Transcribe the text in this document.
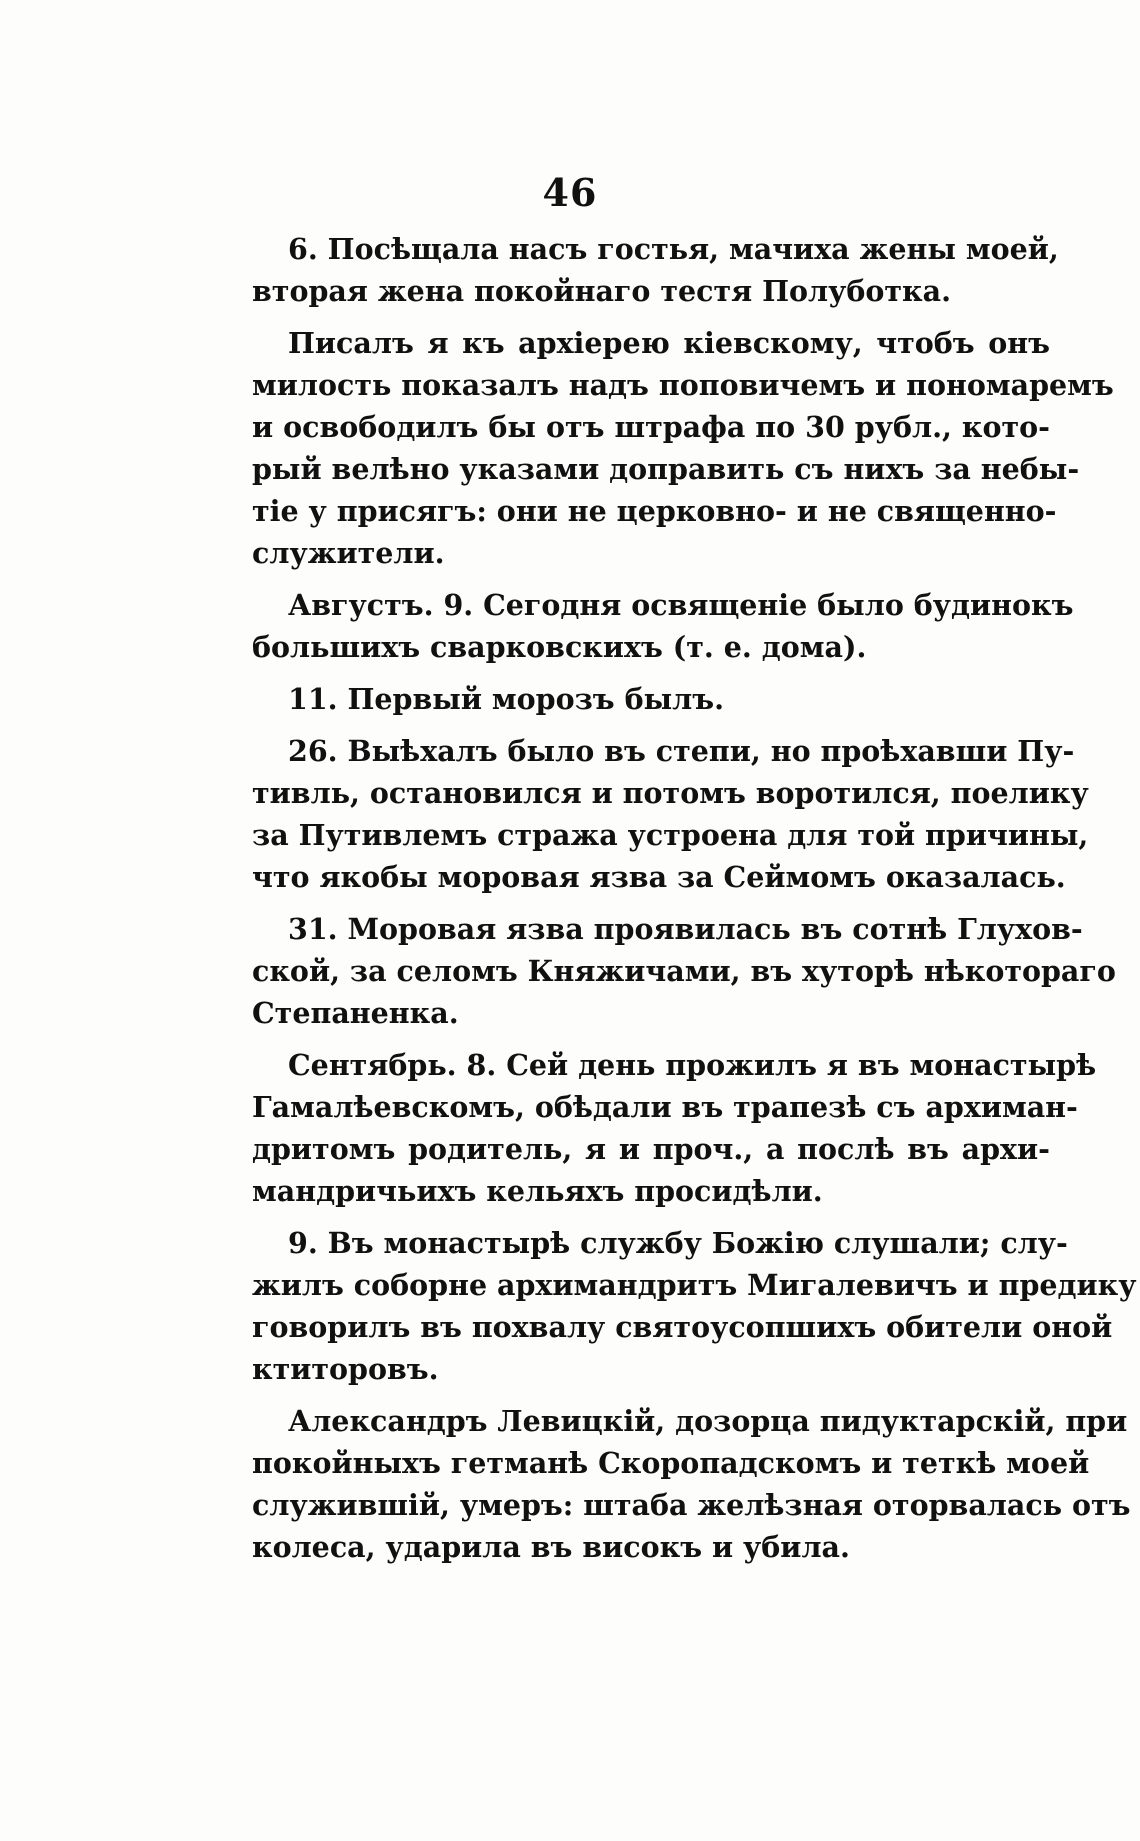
46
6. Посѣщала насъ гостья, мачиха жены моей,
вторая жена покойнаго тестя Полуботка.
Писалъ я къ архiерею кiевскому, чтобъ онъ
милость показалъ надъ поповичемъ и пономаремъ
и освободилъ бы отъ штрафа по 30 рубл., кото-
рый велѣно указами доправить съ нихъ за небы-
тiе у присягъ: они не церковно- и не священно-
служители.
Августъ. 9. Сегодня освященiе было будинокъ
большихъ сварковскихъ (т. е. дома).
11. Первый морозъ былъ.
26. Выѣхалъ было въ степи, но проѣхавши Пу-
тивль, остановился и потомъ воротился, поелику
за Путивлемъ стража устроена для той причины,
что якобы моровая язва за Сеймомъ оказалась.
31. Моровая язва проявилась въ сотнѣ Глухов-
ской, за селомъ Княжичами, въ хуторѣ нѣкотораго
Степаненка.
Сентябрь. 8. Сей день прожилъ я въ монастырѣ
Гамалѣевскомъ, обѣдали въ трапезѣ съ архиман-
дритомъ родитель, я и проч., а послѣ въ архи-
мандричьихъ кельяхъ просидѣли.
9. Въ монастырѣ службу Божiю слушали; слу-
жилъ соборне архимандритъ Мигалевичъ и предику
говорилъ въ похвалу святоусопшихъ обители оной
ктиторовъ.
Александръ Левицкiй, дозорца пидуктарскiй, при
покойныхъ гетманѣ Скоропадскомъ и теткѣ моей
служившiй, умеръ: штаба желѣзная оторвалась отъ
колеса, ударила въ високъ и убила.
